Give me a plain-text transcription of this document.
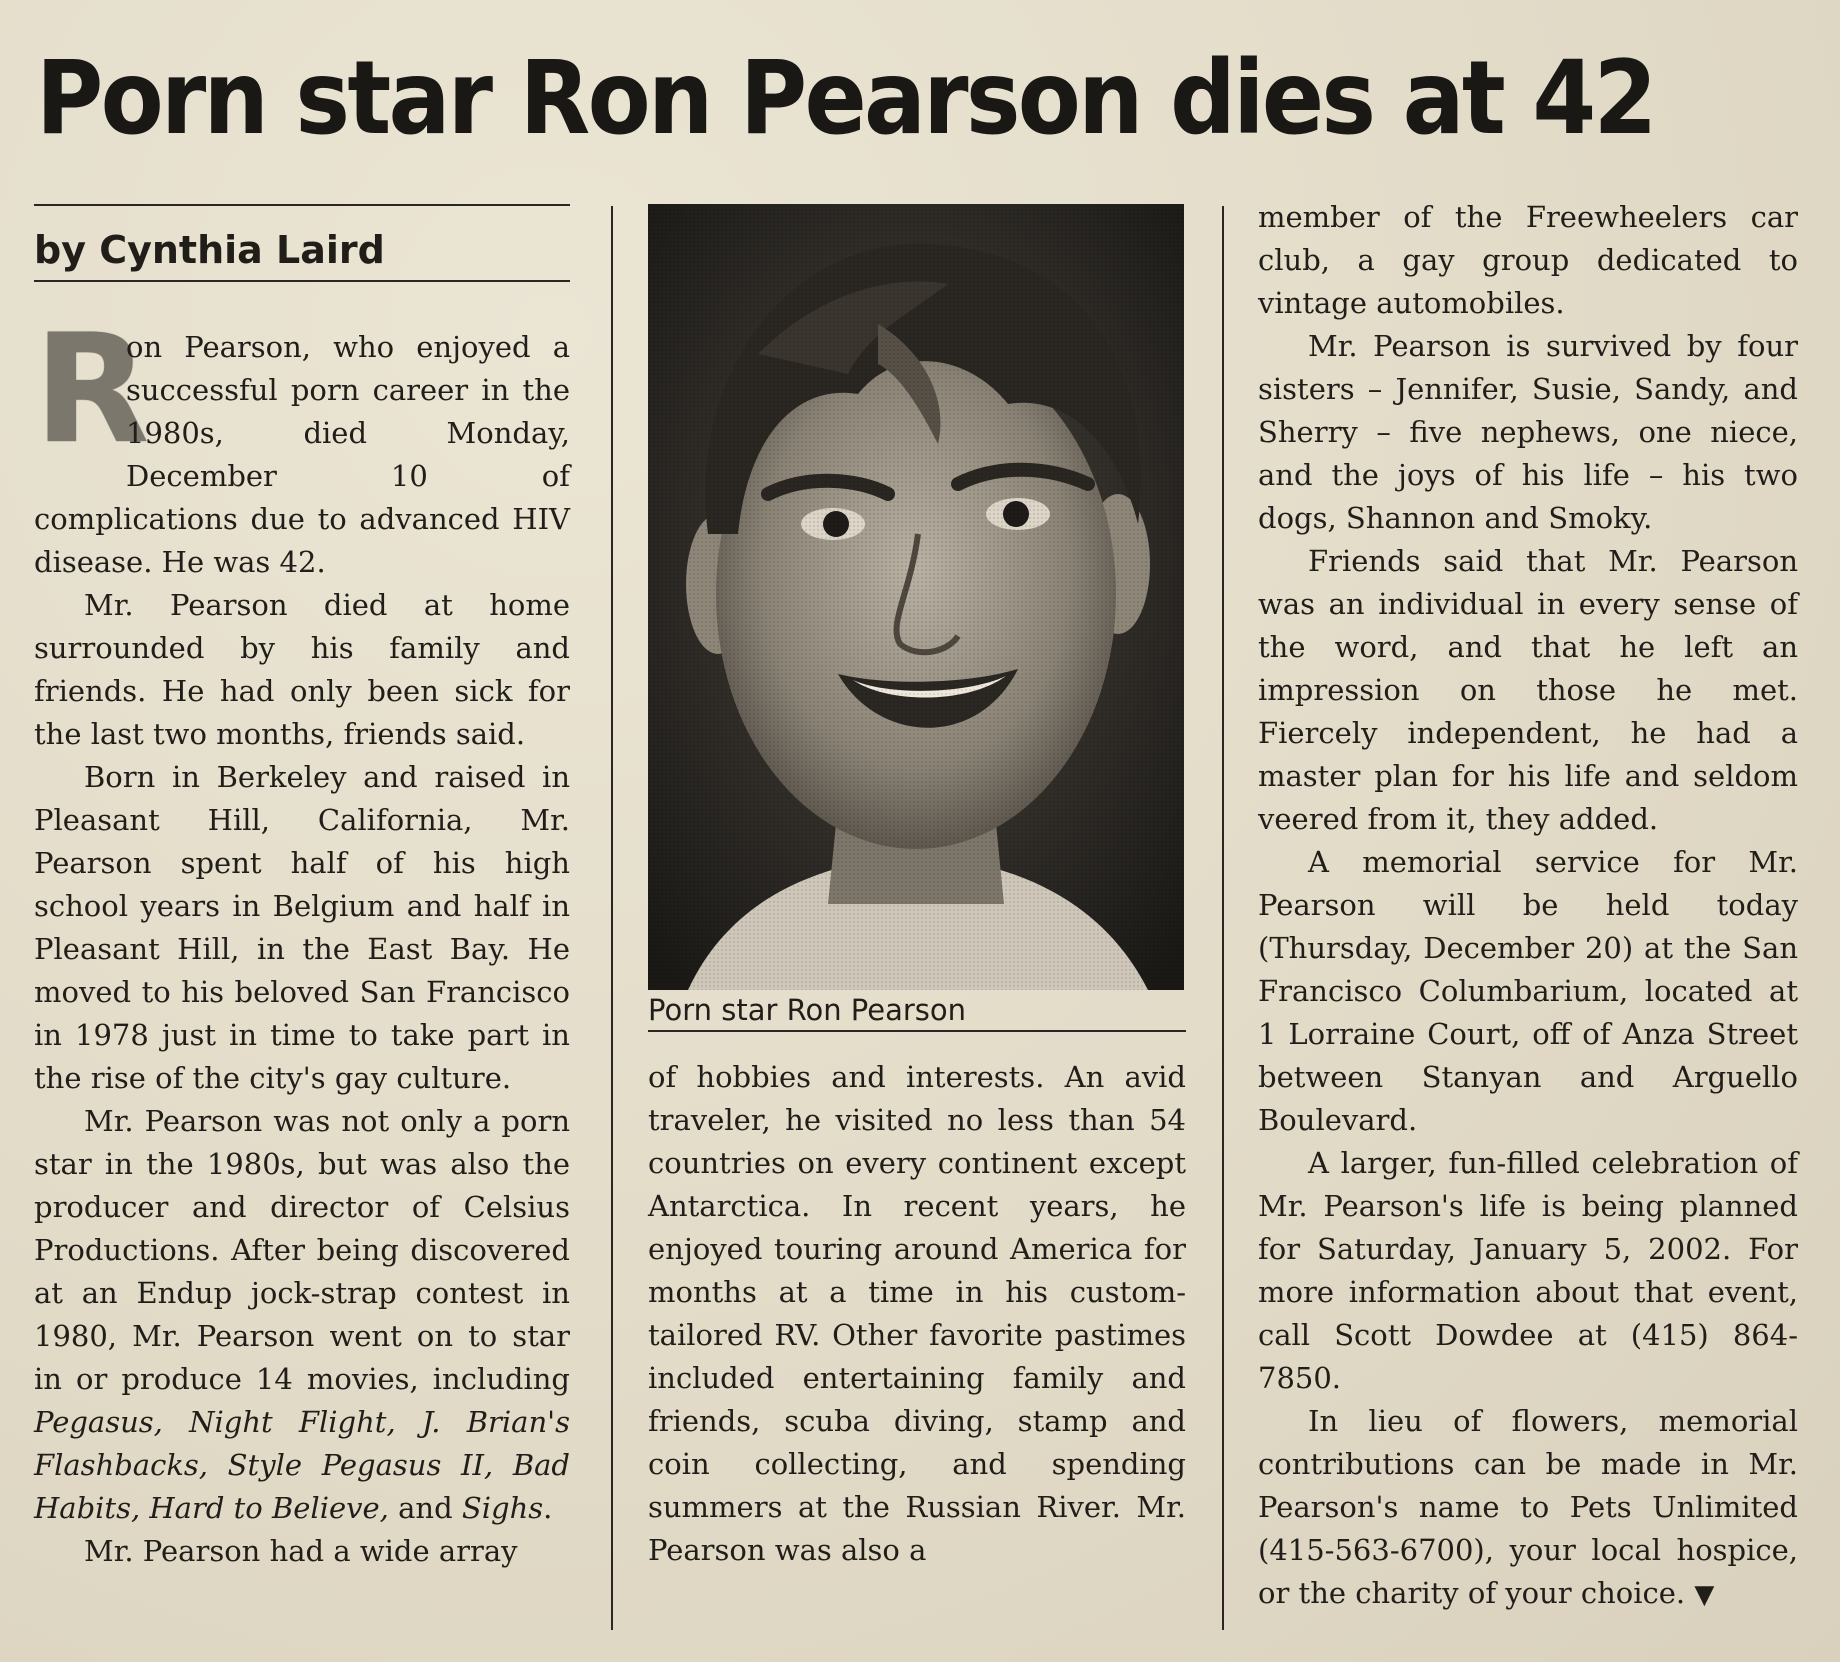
Porn star Ron Pearson dies at 42

by Cynthia Laird

R
on Pearson, who enjoyed a successful porn career in the 1980s, died Monday, December 10 of complications due to advanced HIV disease. He was 42.

Mr. Pearson died at home surrounded by his family and friends. He had only been sick for the last two months, friends said.

Born in Berkeley and raised in Pleasant Hill, California, Mr. Pearson spent half of his high school years in Belgium and half in Pleasant Hill, in the East Bay. He moved to his beloved San Francisco in 1978 just in time to take part in the rise of the city's gay culture.

Mr. Pearson was not only a porn star in the 1980s, but was also the producer and director of Celsius Productions. After being discovered at an Endup jock-strap contest in 1980, Mr. Pearson went on to star in or produce 14 movies, including Pegasus, Night Flight, J. Brian's Flashbacks, Style Pegasus II, Bad Habits, Hard to Believe, and Sighs.

Mr. Pearson had a wide array

Porn star Ron Pearson

of hobbies and interests. An avid traveler, he visited no less than 54 countries on every continent except Antarctica. In recent years, he enjoyed touring around America for months at a time in his custom-tailored RV. Other favorite pastimes included entertaining family and friends, scuba diving, stamp and coin collecting, and spending summers at the Russian River. Mr. Pearson was also a

member of the Freewheelers car club, a gay group dedicated to vintage automobiles.

Mr. Pearson is survived by four sisters – Jennifer, Susie, Sandy, and Sherry – five nephews, one niece, and the joys of his life – his two dogs, Shannon and Smoky.

Friends said that Mr. Pearson was an individual in every sense of the word, and that he left an impression on those he met. Fiercely independent, he had a master plan for his life and seldom veered from it, they added.

A memorial service for Mr. Pearson will be held today (Thursday, December 20) at the San Francisco Columbarium, located at 1 Lorraine Court, off of Anza Street between Stanyan and Arguello Boulevard.

A larger, fun-filled celebration of Mr. Pearson's life is being planned for Saturday, January 5, 2002. For more information about that event, call Scott Dowdee at (415) 864-7850.

In lieu of flowers, memorial contributions can be made in Mr. Pearson's name to Pets Unlimited (415-563-6700), your local hospice, or the charity of your choice. ▼
